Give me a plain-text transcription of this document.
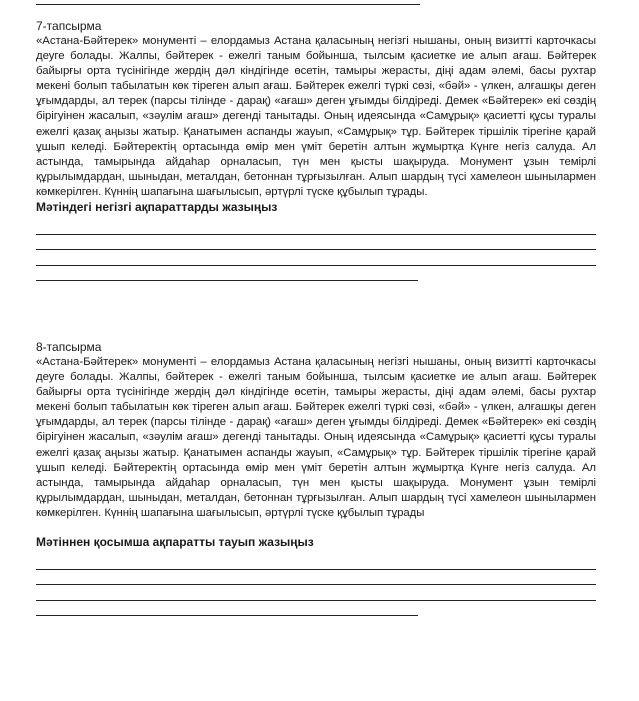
7-тапсырма

«Астана-Бәйтерек» монументі – елордамыз Астана қаласының негізгі нышаны, оның визитті карточкасы деуге болады. Жалпы, бәйтерек - ежелгі таным бойынша, тылсым қасиетке ие алып ағаш. Бәйтерек байырғы орта түсінігінде жердің дәл кіндігінде өсетін, тамыры жерасты, діңі адам әлемі, басы рухтар мекені болып табылатын көк тіреген алып ағаш. Бәйтерек ежелгі түркі сөзі, «бәй» - үлкен, алғашқы деген ұғымдарды, ал терек (парсы тілінде - дарақ) «ағаш» деген ұғымды білдіреді. Демек «Бәйтерек» екі сөздің бірігуінен жасалып, «зәулім ағаш» дегенді танытады. Оның идеясында «Самұрық» қасиетті құсы туралы ежелгі қазақ аңызы жатыр. Қанатымен аспанды жауып, «Самұрық» тұр. Бәйтерек тіршілік тірегіне қарай ұшып келеді. Бәйтеректің ортасында өмір мен үміт беретін алтын жұмыртқа Күнге негіз салуда. Ал астында, тамырында айдаһар орналасып, түн мен қысты шақыруда. Монумент ұзын темірлі құрылымдардан, шыныдан, металдан, бетоннан тұрғызылған. Алып шардың түсі хамелеон шынылармен көмкерілген. Күннің шапағына шағылысып, әртүрлі түске құбылып тұрады.

Мәтіндегі негізгі ақпараттарды жазыңыз

8-тапсырма

«Астана-Бәйтерек» монументі – елордамыз Астана қаласының негізгі нышаны, оның визитті карточкасы деуге болады. Жалпы, бәйтерек - ежелгі таным бойынша, тылсым қасиетке ие алып ағаш. Бәйтерек байырғы орта түсінігінде жердің дәл кіндігінде өсетін, тамыры жерасты, діңі адам әлемі, басы рухтар мекені болып табылатын көк тіреген алып ағаш. Бәйтерек ежелгі түркі сөзі, «бәй» - үлкен, алғашқы деген ұғымдарды, ал терек (парсы тілінде - дарақ) «ағаш» деген ұғымды білдіреді. Демек «Бәйтерек» екі сөздің бірігуінен жасалып, «зәулім ағаш» дегенді танытады. Оның идеясында «Самұрық» қасиетті құсы туралы ежелгі қазақ аңызы жатыр. Қанатымен аспанды жауып, «Самұрық» тұр. Бәйтерек тіршілік тірегіне қарай ұшып келеді. Бәйтеректің ортасында өмір мен үміт беретін алтын жұмыртқа Күнге негіз салуда. Ал астында, тамырында айдаһар орналасып, түн мен қысты шақыруда. Монумент ұзын темірлі құрылымдардан, шыныдан, металдан, бетоннан тұрғызылған. Алып шардың түсі хамелеон шынылармен көмкерілген. Күннің шапағына шағылысып, әртүрлі түске құбылып тұрады

Мәтіннен қосымша ақпаратты тауып жазыңыз
